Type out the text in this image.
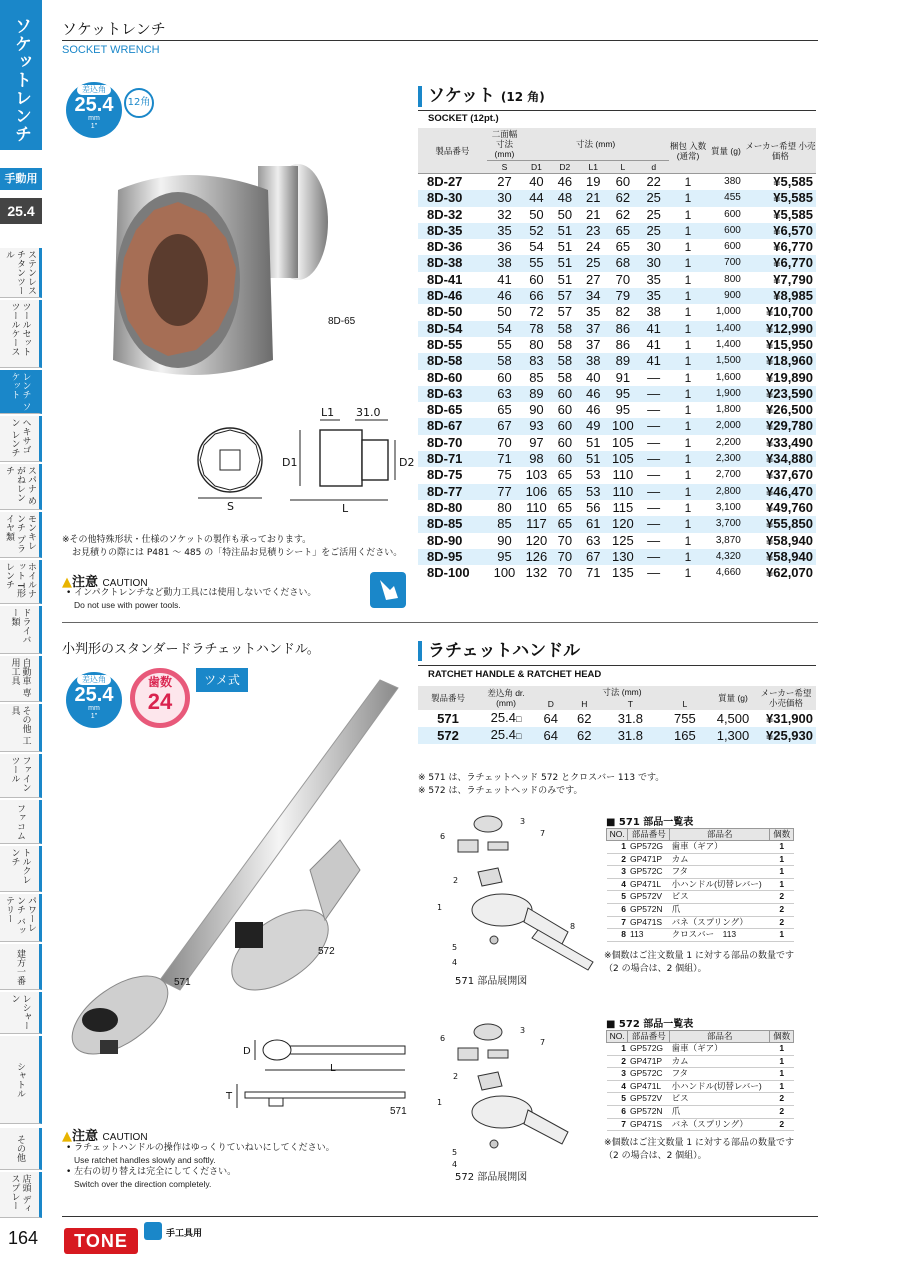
ソケットレンチ
手動用
25.4
ステンレス チタンツール
ツールセット ツールケース
レンチ ソケット
ヘキサゴン レンチ
スパナ めがねレンチ
モンキレンチ プライヤ類
ホイルナット T形レンチ
ドライバー類
自動車 専用工具
その他 工具
ファイン ツール
ファコム
トルクレンチ
パワーレンチ バッテリー
建方一番
レシャーン
シャトル
その他
店頭 ディスプレー
ソケットレンチ
SOCKET WRENCH
差込角
25.4
mm
1"
12角
8D-65
L1 31.0
D1	D2
S	L
ソケット (12 角)
SOCKET (12pt.)
製品番号	二面幅 寸法 (mm)	寸法 (mm)					梱包 入数 (通常)	質量 (g)	メーカー希望 小売価格
	S	D1	D2	L1	L	d			
8D-27	27	40	46	19	60	22	1	380	¥5,585
8D-30	30	44	48	21	62	25	1	455	¥5,585
8D-32	32	50	50	21	62	25	1	600	¥5,585
8D-35	35	52	51	23	65	25	1	600	¥6,570
8D-36	36	54	51	24	65	30	1	600	¥6,770
8D-38	38	55	51	25	68	30	1	700	¥6,770
8D-41	41	60	51	27	70	35	1	800	¥7,790
8D-46	46	66	57	34	79	35	1	900	¥8,985
8D-50	50	72	57	35	82	38	1	1,000	¥10,700
8D-54	54	78	58	37	86	41	1	1,400	¥12,990
8D-55	55	80	58	37	86	41	1	1,400	¥15,950
8D-58	58	83	58	38	89	41	1	1,500	¥18,960
8D-60	60	85	58	40	91	—	1	1,600	¥19,890
8D-63	63	89	60	46	95	—	1	1,900	¥23,590
8D-65	65	90	60	46	95	—	1	1,800	¥26,500
8D-67	67	93	60	49	100	—	1	2,000	¥29,780
8D-70	70	97	60	51	105	—	1	2,200	¥33,490
8D-71	71	98	60	51	105	—	1	2,300	¥34,880
8D-75	75	103	65	53	110	—	1	2,700	¥37,670
8D-77	77	106	65	53	110	—	1	2,800	¥46,470
8D-80	80	110	65	56	115	—	1	3,100	¥49,760
8D-85	85	117	65	61	120	—	1	3,700	¥55,850
8D-90	90	120	70	63	125	—	1	3,870	¥58,940
8D-95	95	126	70	67	130	—	1	4,320	¥58,940
8D-100	100	132	70	71	135	—	1	4,660	¥62,070
※その他特殊形状・仕様のソケットの製作も承っております。
お見積りの際には P481 〜 485 の「特注品お見積りシート」をご活用ください。
▲注意 CAUTION
• インパクトレンチなど動力工具には使用しないでください。
Do not use with power tools.
小判形のスタンダードラチェットハンドル。
差込角
25.4
mm
1"
歯数
24
ツメ式
571
572
D
L
T
571
▲注意 CAUTION
• ラチェットハンドルの操作はゆっくりていねいにしてください。
Use ratchet handles slowly and softly.
• 左右の切り替えは完全にしてください。
Switch over the direction completely.
ラチェットハンドル
RATCHET HANDLE & RATCHET HEAD
製品番号	差込角 dr. (mm)	寸法 (mm)				質量 (g)	メーカー希望 小売価格
		D	H	T	L		
571	25.4□	64	62	31.8	755	4,500	¥31,900
572	25.4□	64	62	31.8	165	1,300	¥25,930
※ 571 は、ラチェットヘッド 572 とクロスバー 113 です。
※ 572 は、ラチェットヘッドのみです。
1
2
3
4
5
6	7
8
571 部品展開図
■ 571 部品一覧表
NO.	部品番号	部品名	個数
1	GP572G	歯車（ギア）	1
2	GP471P	カム	1
3	GP572C	フタ	1
4	GP471L	小ハンドル(切替レバー)	1
5	GP572V	ビス	2
6	GP572N	爪	2
7	GP471S	バネ（スプリング）	2
8	113	クロスバー　113	1
※個数はご注文数量 1 に対する部品の数量です（2 の場合は、2 個組）。
1
2
3
4
5
6	7
572 部品展開図
■ 572 部品一覧表
NO.	部品番号	部品名	個数
1	GP572G	歯車（ギア）	1
2	GP471P	カム	1
3	GP572C	フタ	1
4	GP471L	小ハンドル(切替レバー)	1
5	GP572V	ビス	2
6	GP572N	爪	2
7	GP471S	バネ（スプリング）	2
※個数はご注文数量 1 に対する部品の数量です（2 の場合は、2 個組）。
164	TONE	手工具用
